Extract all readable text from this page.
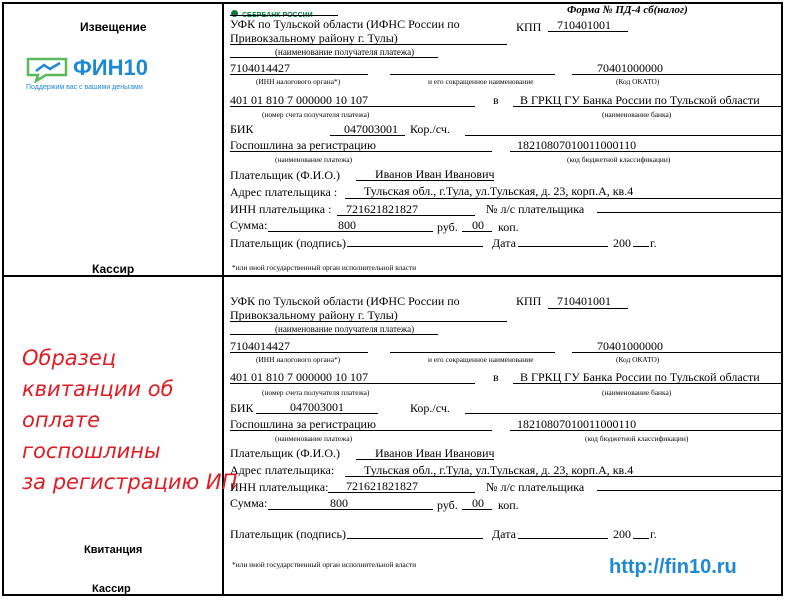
Извещение
ФИН10
Поддержим вас с вашими деньгами
Кассир
Образец
квитанции об
оплате
госпошлины
за регистрацию ИП
Квитанция
Кассир
СБЕРБАНК РОССИИ	Форма № ПД-4 сб(налог)
УФК по Тульской области (ИФНС России по
Привокзальному району г. Тулы)
КПП 710401001
(наименование получателя платежа)
7104014427	70401000000
(ИНН налогового органа*)	и его сокращенное наименование	(Код ОКАТО)
401 01 810 7 000000 10 107	в В ГРКЦ ГУ Банка России по Тульской области
(номер счета получателя платежа)	(наименование банка)
БИК	047003001 Кор./сч.
Госпошлина за регистрацию	18210807010011000110
(наименование платежа)	(код бюджетной классификации)
Плательщик (Ф.И.О.)	Иванов Иван Иванович
Адрес плательщика : Тульская обл., г.Тула, ул.Тульская, д. 23, корп.А, кв.4
ИНН плательщика : 721621821827	№ л/с плательщика
Сумма:	800	руб. 00 коп.
Плательщик (подпись)	Дата	200 г.
*или иной государственный орган исполнительной власти
УФК по Тульской области (ИФНС России по
Привокзальному району г. Тулы)
КПП 710401001
(наименование получателя платежа)
7104014427	70401000000
(ИНН налогового органа*)	и его сокращенное наименование	(Код ОКАТО)
401 01 810 7 000000 10 107	в В ГРКЦ ГУ Банка России по Тульской области
(номер счета получателя платежа)	(наименование банка)
БИК	047003001	Кор./сч.
Госпошлина за регистрацию	18210807010011000110
(наименование платежа)	(код бюджетной классификации)
Плательщик (Ф.И.О.)	Иванов Иван Иванович
Адрес плательщика: Тульская обл., г.Тула, ул.Тульская, д. 23, корп.А, кв.4
ИНН плательщика: 721621821827	№ л/с плательщика
Сумма:	800	руб. 00 коп.
Плательщик (подпись)	Дата	200 г.
*или иной государственный орган исполнительной власти	http://fin10.ru
